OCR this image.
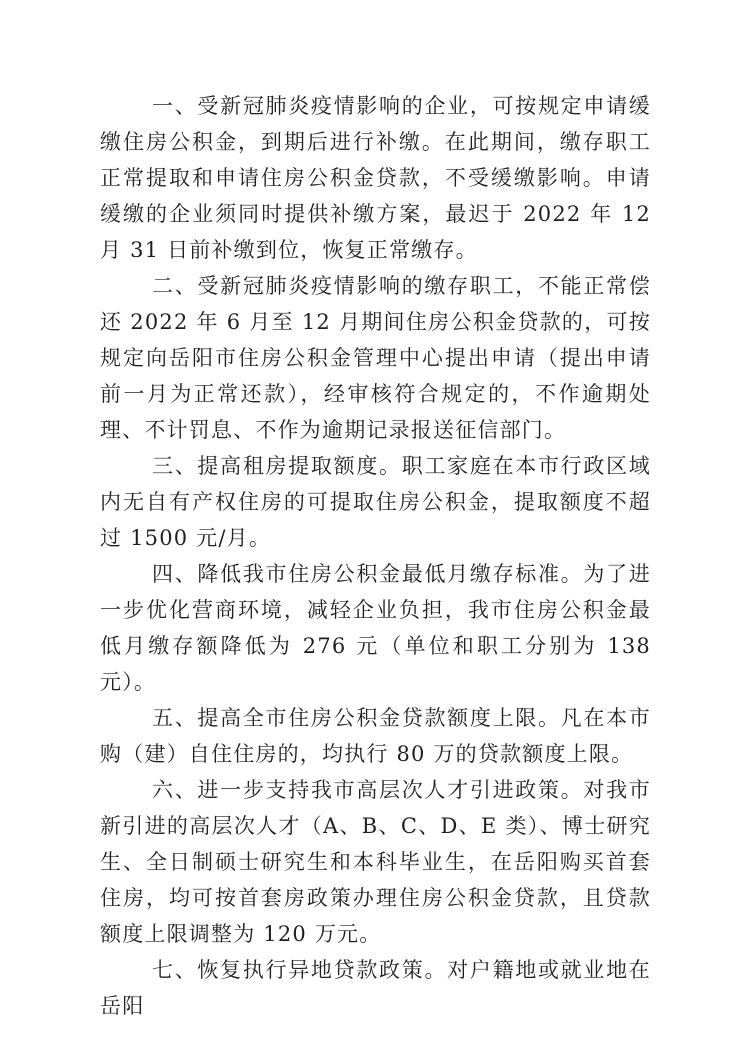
一、受新冠肺炎疫情影响的企业，可按规定申请缓缴住房公积金，到期后进行补缴。在此期间，缴存职工正常提取和申请住房公积金贷款，不受缓缴影响。申请缓缴的企业须同时提供补缴方案，最迟于 2022 年 12 月 31 日前补缴到位，恢复正常缴存。

二、受新冠肺炎疫情影响的缴存职工，不能正常偿还 2022 年 6 月至 12 月期间住房公积金贷款的，可按规定向岳阳市住房公积金管理中心提出申请（提出申请前一月为正常还款），经审核符合规定的，不作逾期处理、不计罚息、不作为逾期记录报送征信部门。

三、提高租房提取额度。职工家庭在本市行政区域内无自有产权住房的可提取住房公积金，提取额度不超过 1500 元/月。

四、降低我市住房公积金最低月缴存标准。为了进一步优化营商环境，减轻企业负担，我市住房公积金最低月缴存额降低为 276 元（单位和职工分别为 138 元）。

五、提高全市住房公积金贷款额度上限。凡在本市购（建）自住住房的，均执行 80 万的贷款额度上限。

六、进一步支持我市高层次人才引进政策。对我市新引进的高层次人才（A、B、C、D、E 类）、博士研究生、全日制硕士研究生和本科毕业生，在岳阳购买首套住房，均可按首套房政策办理住房公积金贷款，且贷款额度上限调整为 120 万元。

七、恢复执行异地贷款政策。对户籍地或就业地在岳阳
